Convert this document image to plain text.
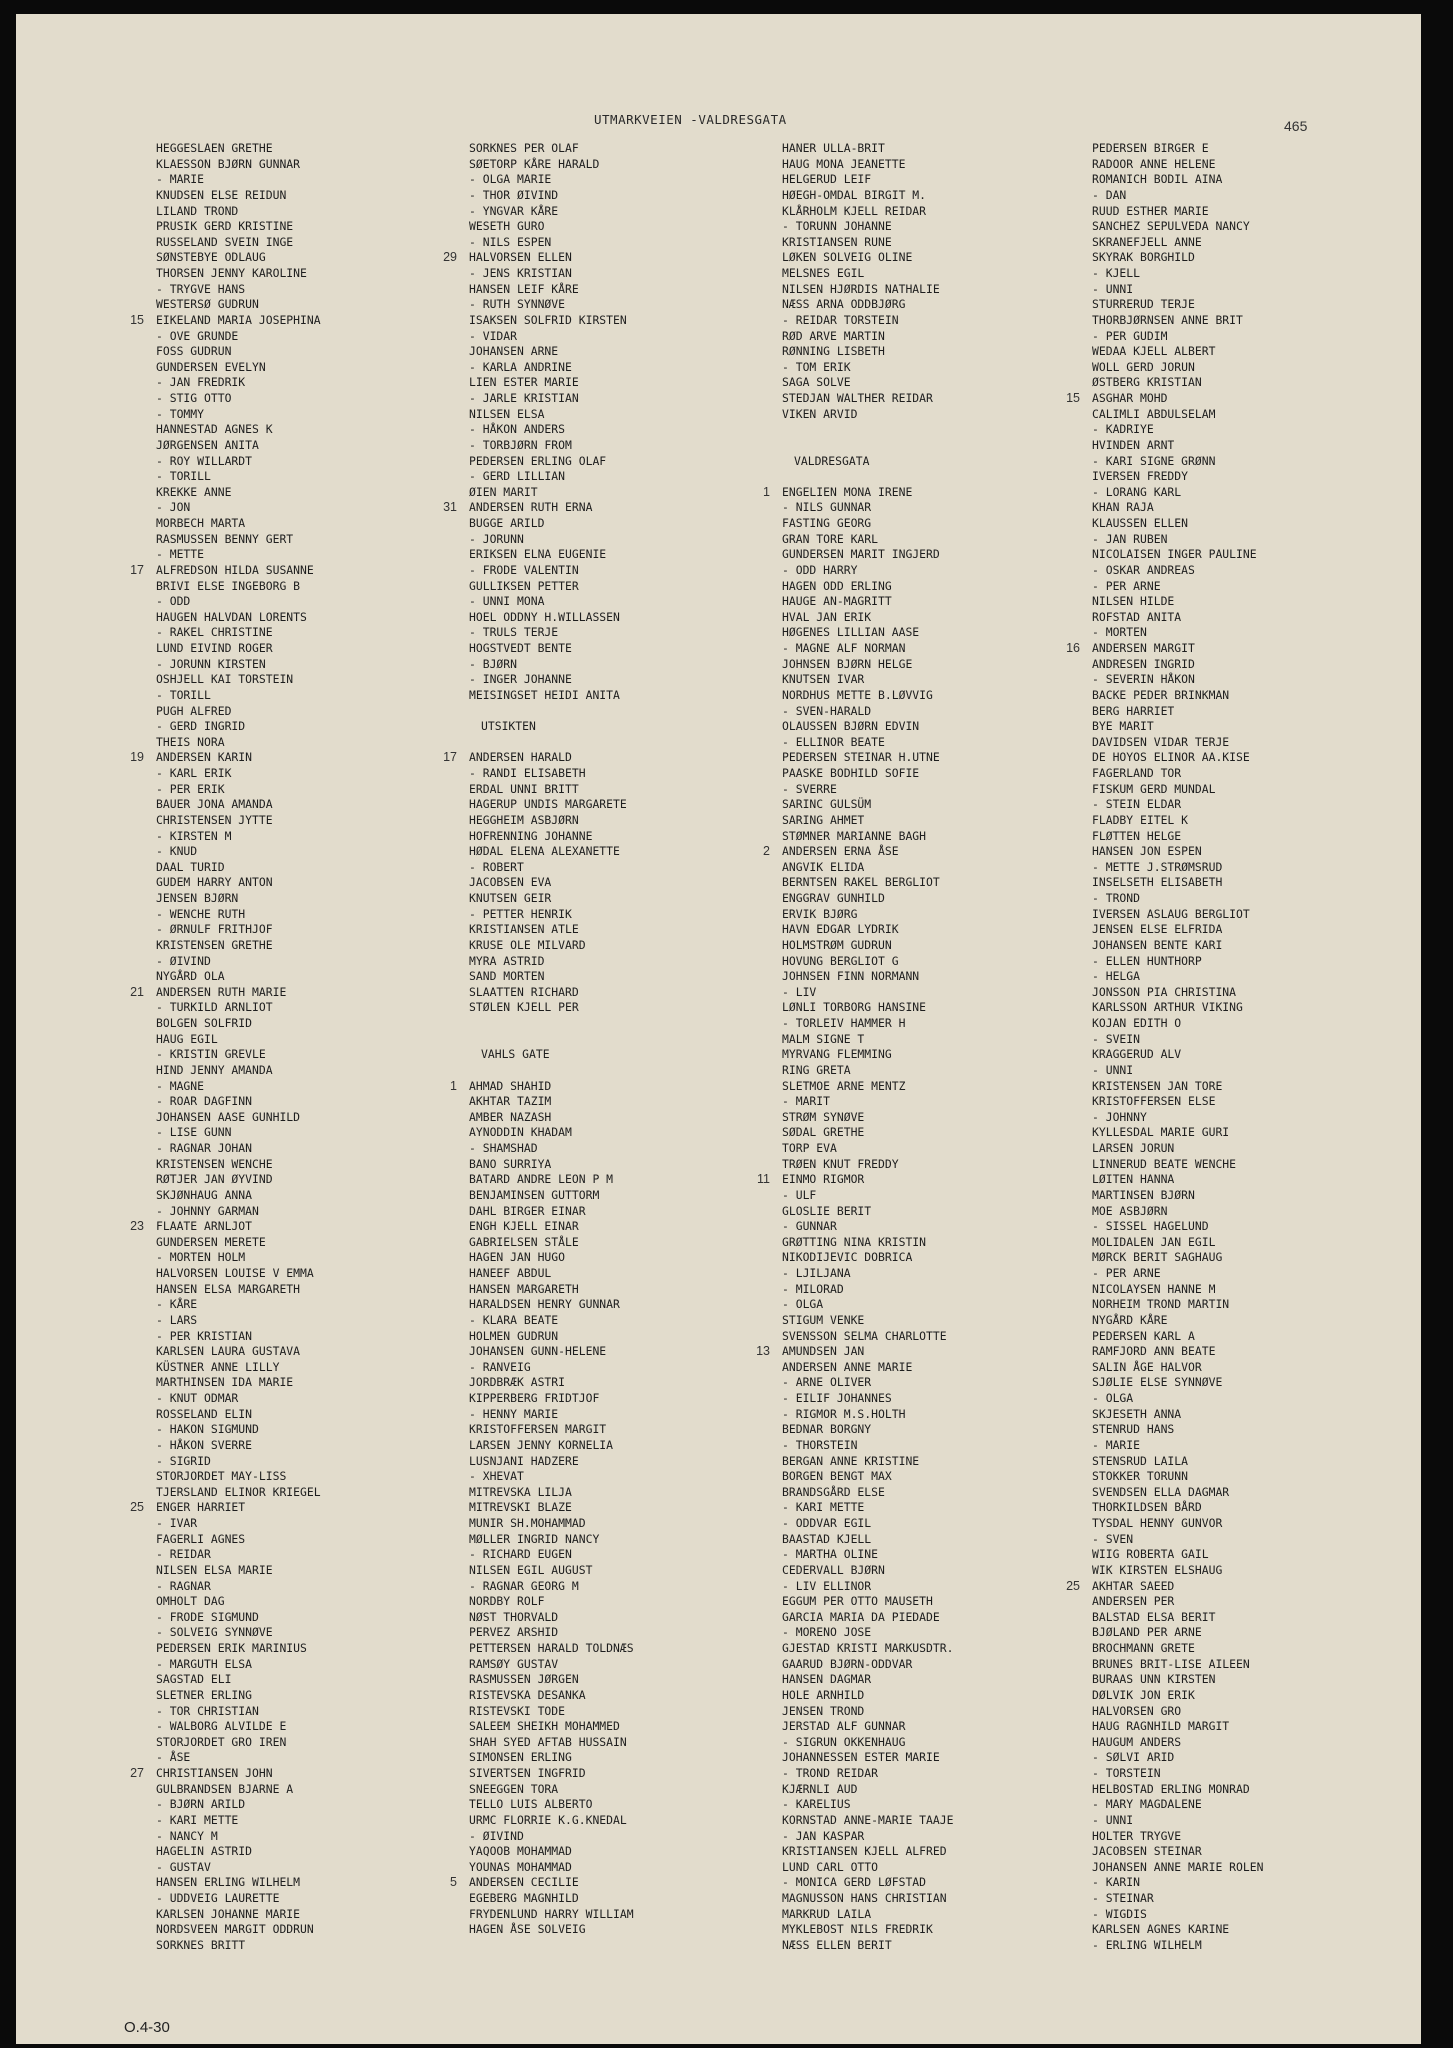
UTMARKVEIEN -VALDRESGATA	465
HEGGESLAEN GRETHE
KLAESSON BJØRN GUNNAR
- MARIE
KNUDSEN ELSE REIDUN
LILAND TROND
PRUSIK GERD KRISTINE
RUSSELAND SVEIN INGE
SØNSTEBYE ODLAUG
THORSEN JENNY KAROLINE
- TRYGVE HANS
WESTERSØ GUDRUN
15 EIKELAND MARIA JOSEPHINA
- OVE GRUNDE
FOSS GUDRUN
GUNDERSEN EVELYN
- JAN FREDRIK
- STIG OTTO
- TOMMY
HANNESTAD AGNES K
JØRGENSEN ANITA
- ROY WILLARDT
- TORILL
KREKKE ANNE
- JON
MORBECH MARTA
RASMUSSEN BENNY GERT
- METTE
17 ALFREDSON HILDA SUSANNE
BRIVI ELSE INGEBORG B
- ODD
HAUGEN HALVDAN LORENTS
- RAKEL CHRISTINE
LUND EIVIND ROGER
- JORUNN KIRSTEN
OSHJELL KAI TORSTEIN
- TORILL
PUGH ALFRED
- GERD INGRID
THEIS NORA
19 ANDERSEN KARIN
- KARL ERIK
- PER ERIK
BAUER JONA AMANDA
CHRISTENSEN JYTTE
- KIRSTEN M
- KNUD
DAAL TURID
GUDEM HARRY ANTON
JENSEN BJØRN
- WENCHE RUTH
- ØRNULF FRITHJOF
KRISTENSEN GRETHE
- ØIVIND
NYGÅRD OLA
21 ANDERSEN RUTH MARIE
- TURKILD ARNLIOT
BOLGEN SOLFRID
HAUG EGIL
- KRISTIN GREVLE
HIND JENNY AMANDA
- MAGNE
- ROAR DAGFINN
JOHANSEN AASE GUNHILD
- LISE GUNN
- RAGNAR JOHAN
KRISTENSEN WENCHE
RØTJER JAN ØYVIND
SKJØNHAUG ANNA
- JOHNNY GARMAN
23 FLAATE ARNLJOT
GUNDERSEN MERETE
- MORTEN HOLM
HALVORSEN LOUISE V EMMA
HANSEN ELSA MARGARETH
- KÅRE
- LARS
- PER KRISTIAN
KARLSEN LAURA GUSTAVA
KÜSTNER ANNE LILLY
MARTHINSEN IDA MARIE
- KNUT ODMAR
ROSSELAND ELIN
- HAKON SIGMUND
- HÅKON SVERRE
- SIGRID
STORJORDET MAY-LISS
TJERSLAND ELINOR KRIEGEL
25 ENGER HARRIET
- IVAR
FAGERLI AGNES
- REIDAR
NILSEN ELSA MARIE
- RAGNAR
OMHOLT DAG
- FRODE SIGMUND
- SOLVEIG SYNNØVE
PEDERSEN ERIK MARINIUS
- MARGUTH ELSA
SAGSTAD ELI
SLETNER ERLING
- TOR CHRISTIAN
- WALBORG ALVILDE E
STORJORDET GRO IREN
- ÅSE
27 CHRISTIANSEN JOHN
GULBRANDSEN BJARNE A
- BJØRN ARILD
- KARI METTE
- NANCY M
HAGELIN ASTRID
- GUSTAV
HANSEN ERLING WILHELM
- UDDVEIG LAURETTE
KARLSEN JOHANNE MARIE
NORDSVEEN MARGIT ODDRUN
SORKNES BRITT
SORKNES PER OLAF
SØETORP KÅRE HARALD
- OLGA MARIE
- THOR ØIVIND
- YNGVAR KÅRE
WESETH GURO
- NILS ESPEN
29 HALVORSEN ELLEN
- JENS KRISTIAN
HANSEN LEIF KÅRE
- RUTH SYNNØVE
ISAKSEN SOLFRID KIRSTEN
- VIDAR
JOHANSEN ARNE
- KARLA ANDRINE
LIEN ESTER MARIE
- JARLE KRISTIAN
NILSEN ELSA
- HÅKON ANDERS
- TORBJØRN FROM
PEDERSEN ERLING OLAF
- GERD LILLIAN
ØIEN MARIT
31 ANDERSEN RUTH ERNA
BUGGE ARILD
- JORUNN
ERIKSEN ELNA EUGENIE
- FRODE VALENTIN
GULLIKSEN PETTER
- UNNI MONA
HOEL ODDNY H.WILLASSEN
- TRULS TERJE
HOGSTVEDT BENTE
- BJØRN
- INGER JOHANNE
MEISINGSET HEIDI ANITA
UTSIKTEN
17 ANDERSEN HARALD
- RANDI ELISABETH
ERDAL UNNI BRITT
HAGERUP UNDIS MARGARETE
HEGGHEIM ASBJØRN
HOFRENNING JOHANNE
HØDAL ELENA ALEXANETTE
- ROBERT
JACOBSEN EVA
KNUTSEN GEIR
- PETTER HENRIK
KRISTIANSEN ATLE
KRUSE OLE MILVARD
MYRA ASTRID
SAND MORTEN
SLAATTEN RICHARD
STØLEN KJELL PER
VAHLS GATE
1 AHMAD SHAHID
AKHTAR TAZIM
AMBER NAZASH
AYNODDIN KHADAM
- SHAMSHAD
BANO SURRIYA
BATARD ANDRE LEON P M
BENJAMINSEN GUTTORM
DAHL BIRGER EINAR
ENGH KJELL EINAR
GABRIELSEN STÅLE
HAGEN JAN HUGO
HANEEF ABDUL
HANSEN MARGARETH
HARALDSEN HENRY GUNNAR
- KLARA BEATE
HOLMEN GUDRUN
JOHANSEN GUNN-HELENE
- RANVEIG
JORDBRÆK ASTRI
KIPPERBERG FRIDTJOF
- HENNY MARIE
KRISTOFFERSEN MARGIT
LARSEN JENNY KORNELIA
LUSNJANI HADZERE
- XHEVAT
MITREVSKA LILJA
MITREVSKI BLAZE
MUNIR SH.MOHAMMAD
MØLLER INGRID NANCY
- RICHARD EUGEN
NILSEN EGIL AUGUST
- RAGNAR GEORG M
NORDBY ROLF
NØST THORVALD
PERVEZ ARSHID
PETTERSEN HARALD TOLDNÆS
RAMSØY GUSTAV
RASMUSSEN JØRGEN
RISTEVSKA DESANKA
RISTEVSKI TODE
SALEEM SHEIKH MOHAMMED
SHAH SYED AFTAB HUSSAIN
SIMONSEN ERLING
SIVERTSEN INGFRID
SNEEGGEN TORA
TELLO LUIS ALBERTO
URMC FLORRIE K.G.KNEDAL
- ØIVIND
YAQOOB MOHAMMAD
YOUNAS MOHAMMAD
5 ANDERSEN CECILIE
EGEBERG MAGNHILD
FRYDENLUND HARRY WILLIAM
HAGEN ÅSE SOLVEIG
HANER ULLA-BRIT
HAUG MONA JEANETTE
HELGERUD LEIF
HØEGH-OMDAL BIRGIT M.
KLÅRHOLM KJELL REIDAR
- TORUNN JOHANNE
KRISTIANSEN RUNE
LØKEN SOLVEIG OLINE
MELSNES EGIL
NILSEN HJØRDIS NATHALIE
NÆSS ARNA ODDBJØRG
- REIDAR TORSTEIN
RØD ARVE MARTIN
RØNNING LISBETH
- TOM ERIK
SAGA SOLVE
STEDJAN WALTHER REIDAR
VIKEN ARVID
VALDRESGATA
1 ENGELIEN MONA IRENE
- NILS GUNNAR
FASTING GEORG
GRAN TORE KARL
GUNDERSEN MARIT INGJERD
- ODD HARRY
HAGEN ODD ERLING
HAUGE AN-MAGRITT
HVAL JAN ERIK
HØGENES LILLIAN AASE
- MAGNE ALF NORMAN
JOHNSEN BJØRN HELGE
KNUTSEN IVAR
NORDHUS METTE B.LØVVIG
- SVEN-HARALD
OLAUSSEN BJØRN EDVIN
- ELLINOR BEATE
PEDERSEN STEINAR H.UTNE
PAASKE BODHILD SOFIE
- SVERRE
SARINC GULSÜM
SARING AHMET
STØMNER MARIANNE BAGH
2 ANDERSEN ERNA ÅSE
ANGVIK ELIDA
BERNTSEN RAKEL BERGLIOT
ENGGRAV GUNHILD
ERVIK BJØRG
HAVN EDGAR LYDRIK
HOLMSTRØM GUDRUN
HOVUNG BERGLIOT G
JOHNSEN FINN NORMANN
- LIV
LØNLI TORBORG HANSINE
- TORLEIV HAMMER H
MALM SIGNE T
MYRVANG FLEMMING
RING GRETA
SLETMOE ARNE MENTZ
- MARIT
STRØM SYNØVE
SØDAL GRETHE
TORP EVA
TRØEN KNUT FREDDY
11 EINMO RIGMOR
- ULF
GLOSLIE BERIT
- GUNNAR
GRØTTING NINA KRISTIN
NIKODIJEVIC DOBRICA
- LJILJANA
- MILORAD
- OLGA
STIGUM VENKE
SVENSSON SELMA CHARLOTTE
13 AMUNDSEN JAN
ANDERSEN ANNE MARIE
- ARNE OLIVER
- EILIF JOHANNES
- RIGMOR M.S.HOLTH
BEDNAR BORGNY
- THORSTEIN
BERGAN ANNE KRISTINE
BORGEN BENGT MAX
BRANDSGÅRD ELSE
- KARI METTE
- ODDVAR EGIL
BAASTAD KJELL
- MARTHA OLINE
CEDERVALL BJØRN
- LIV ELLINOR
EGGUM PER OTTO MAUSETH
GARCIA MARIA DA PIEDADE
- MORENO JOSE
GJESTAD KRISTI MARKUSDTR.
GAARUD BJØRN-ODDVAR
HANSEN DAGMAR
HOLE ARNHILD
JENSEN TROND
JERSTAD ALF GUNNAR
- SIGRUN OKKENHAUG
JOHANNESSEN ESTER MARIE
- TROND REIDAR
KJÆRNLI AUD
- KARELIUS
KORNSTAD ANNE-MARIE TAAJE
- JAN KASPAR
KRISTIANSEN KJELL ALFRED
LUND CARL OTTO
- MONICA GERD LØFSTAD
MAGNUSSON HANS CHRISTIAN
MARKRUD LAILA
MYKLEBOST NILS FREDRIK
NÆSS ELLEN BERIT
PEDERSEN BIRGER E
RADOOR ANNE HELENE
ROMANICH BODIL AINA
- DAN
RUUD ESTHER MARIE
SANCHEZ SEPULVEDA NANCY
SKRANEFJELL ANNE
SKYRAK BORGHILD
- KJELL
- UNNI
STURRERUD TERJE
THORBJØRNSEN ANNE BRIT
- PER GUDIM
WEDAA KJELL ALBERT
WOLL GERD JORUN
ØSTBERG KRISTIAN
15 ASGHAR MOHD
CALIMLI ABDULSELAM
- KADRIYE
HVINDEN ARNT
- KARI SIGNE GRØNN
IVERSEN FREDDY
- LORANG KARL
KHAN RAJA
KLAUSSEN ELLEN
- JAN RUBEN
NICOLAISEN INGER PAULINE
- OSKAR ANDREAS
- PER ARNE
NILSEN HILDE
ROFSTAD ANITA
- MORTEN
16 ANDERSEN MARGIT
ANDRESEN INGRID
- SEVERIN HÅKON
BACKE PEDER BRINKMAN
BERG HARRIET
BYE MARIT
DAVIDSEN VIDAR TERJE
DE HOYOS ELINOR AA.KISE
FAGERLAND TOR
FISKUM GERD MUNDAL
- STEIN ELDAR
FLADBY EITEL K
FLØTTEN HELGE
HANSEN JON ESPEN
- METTE J.STRØMSRUD
INSELSETH ELISABETH
- TROND
IVERSEN ASLAUG BERGLIOT
JENSEN ELSE ELFRIDA
JOHANSEN BENTE KARI
- ELLEN HUNTHORP
- HELGA
JONSSON PIA CHRISTINA
KARLSSON ARTHUR VIKING
KOJAN EDITH O
- SVEIN
KRAGGERUD ALV
- UNNI
KRISTENSEN JAN TORE
KRISTOFFERSEN ELSE
- JOHNNY
KYLLESDAL MARIE GURI
LARSEN JORUN
LINNERUD BEATE WENCHE
LØITEN HANNA
MARTINSEN BJØRN
MOE ASBJØRN
- SISSEL HAGELUND
MOLIDALEN JAN EGIL
MØRCK BERIT SAGHAUG
- PER ARNE
NICOLAYSEN HANNE M
NORHEIM TROND MARTIN
NYGÅRD KÅRE
PEDERSEN KARL A
RAMFJORD ANN BEATE
SALIN ÅGE HALVOR
SJØLIE ELSE SYNNØVE
- OLGA
SKJESETH ANNA
STENRUD HANS
- MARIE
STENSRUD LAILA
STOKKER TORUNN
SVENDSEN ELLA DAGMAR
THORKILDSEN BÅRD
TYSDAL HENNY GUNVOR
- SVEN
WIIG ROBERTA GAIL
WIK KIRSTEN ELSHAUG
25 AKHTAR SAEED
ANDERSEN PER
BALSTAD ELSA BERIT
BJØLAND PER ARNE
BROCHMANN GRETE
BRUNES BRIT-LISE AILEEN
BURAAS UNN KIRSTEN
DØLVIK JON ERIK
HALVORSEN GRO
HAUG RAGNHILD MARGIT
HAUGUM ANDERS
- SØLVI ARID
- TORSTEIN
HELBOSTAD ERLING MONRAD
- MARY MAGDALENE
- UNNI
HOLTER TRYGVE
JACOBSEN STEINAR
JOHANSEN ANNE MARIE ROLEN
- KARIN
- STEINAR
- WIGDIS
KARLSEN AGNES KARINE
- ERLING WILHELM
O.4-30
